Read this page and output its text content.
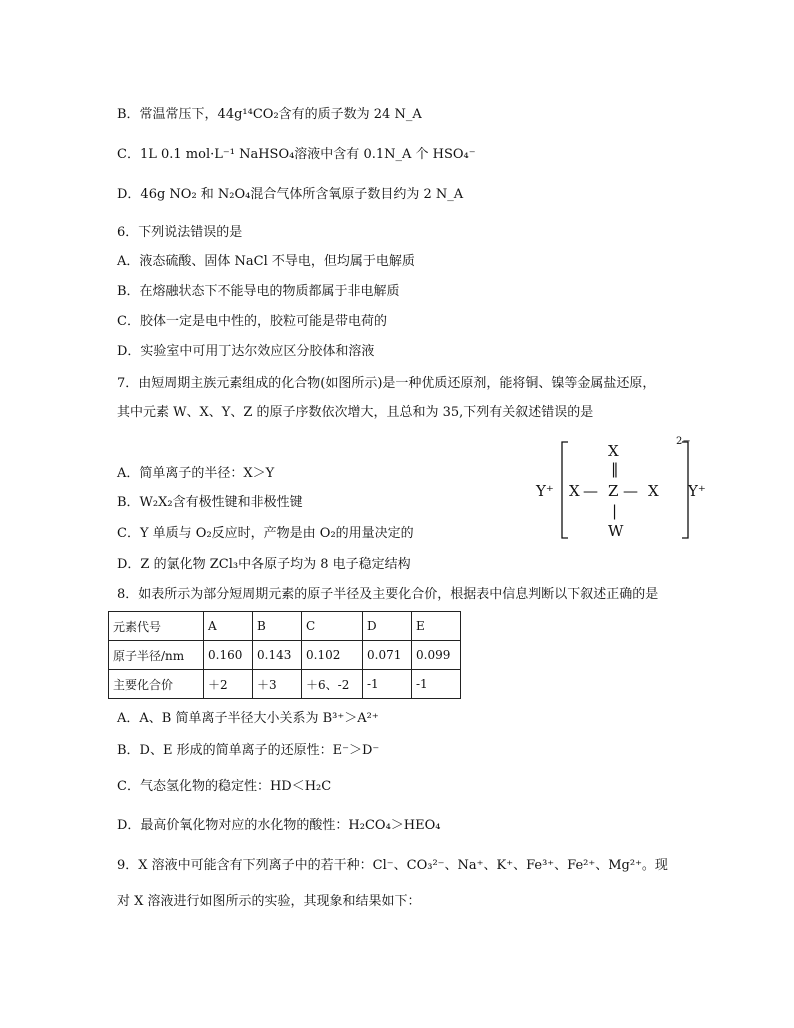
B．常温常压下，44g¹⁴CO₂含有的质子数为 24 N_A
C．1L 0.1 mol·L⁻¹ NaHSO₄溶液中含有 0.1N_A 个 HSO₄⁻
D．46g NO₂ 和 N₂O₄混合气体所含氧原子数目约为 2 N_A
6．下列说法错误的是
A．液态硫酸、固体 NaCl 不导电，但均属于电解质
B．在熔融状态下不能导电的物质都属于非电解质
C．胶体一定是电中性的，胶粒可能是带电荷的
D．实验室中可用丁达尔效应区分胶体和溶液
7．由短周期主族元素组成的化合物(如图所示)是一种优质还原剂，能将铜、镍等金属盐还原，
其中元素 W、X、Y、Z 的原子序数依次增大，且总和为 35,下列有关叙述错误的是
A．简单离子的半径：X＞Y
B．W₂X₂含有极性键和非极性键
C．Y 单质与 O₂反应时，产物是由 O₂的用量决定的
D．Z 的氯化物 ZCl₃中各原子均为 8 电子稳定结构
X
‖
Y⁺ X — Z — X
|
W
2−
Y⁺
8．如表所示为部分短周期元素的原子半径及主要化合价，根据表中信息判断以下叙述正确的是
元素代号	A	B	C	D	E
原子半径/nm	0.160	0.143	0.102	0.071	0.099
主要化合价	＋2	＋3	＋6、-2	-1	-1
A．A、B 简单离子半径大小关系为 B³⁺＞A²⁺
B．D、E 形成的简单离子的还原性：E⁻＞D⁻
C．气态氢化物的稳定性：HD＜H₂C
D．最高价氧化物对应的水化物的酸性：H₂CO₄＞HEO₄
9．X 溶液中可能含有下列离子中的若干种：Cl⁻、CO₃²⁻、Na⁺、K⁺、Fe³⁺、Fe²⁺、Mg²⁺。现
对 X 溶液进行如图所示的实验，其现象和结果如下：
